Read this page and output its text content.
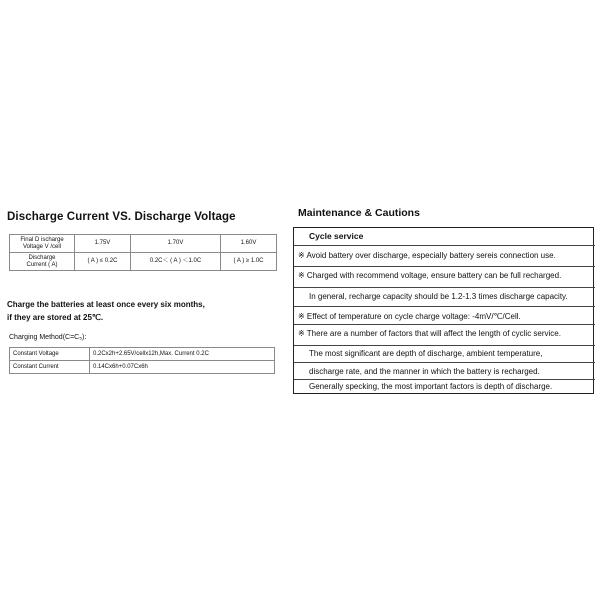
Discharge Current VS. Discharge Voltage
Final D ischarge
Voltage V /cell	1.75V	1.70V	1.60V

Discharge
Current ( A)	( A ) ≤ 0.2C	0.2C＜ ( A ) ＜1.0C	( A ) ≥ 1.0C
Charge the batteries at least once every six months,
if they are stored at 25℃.
Charging Method(C=C₅):
Constant Voltage	0.2Cx2h+2.65V/cellx12h,Max. Current 0.2C
Constant Current	0.14Cx6h+0.07Cx6h
Maintenance & Cautions
Cycle service
※ Avoid battery over discharge, especially battery sereis connection use.
※ Charged with recommend voltage, ensure battery can be full recharged.
In general, recharge capacity should be 1.2-1.3 times discharge capacity.
※ Effect of temperature on cycle charge voltage: -4mV/℃/Cell.
※ There are a number of factors that will affect the length of cyclic service.
The most significant are depth of discharge, ambient temperature,
discharge rate, and the manner in which the battery is recharged.
Generally specking, the most important factors is depth of discharge.
